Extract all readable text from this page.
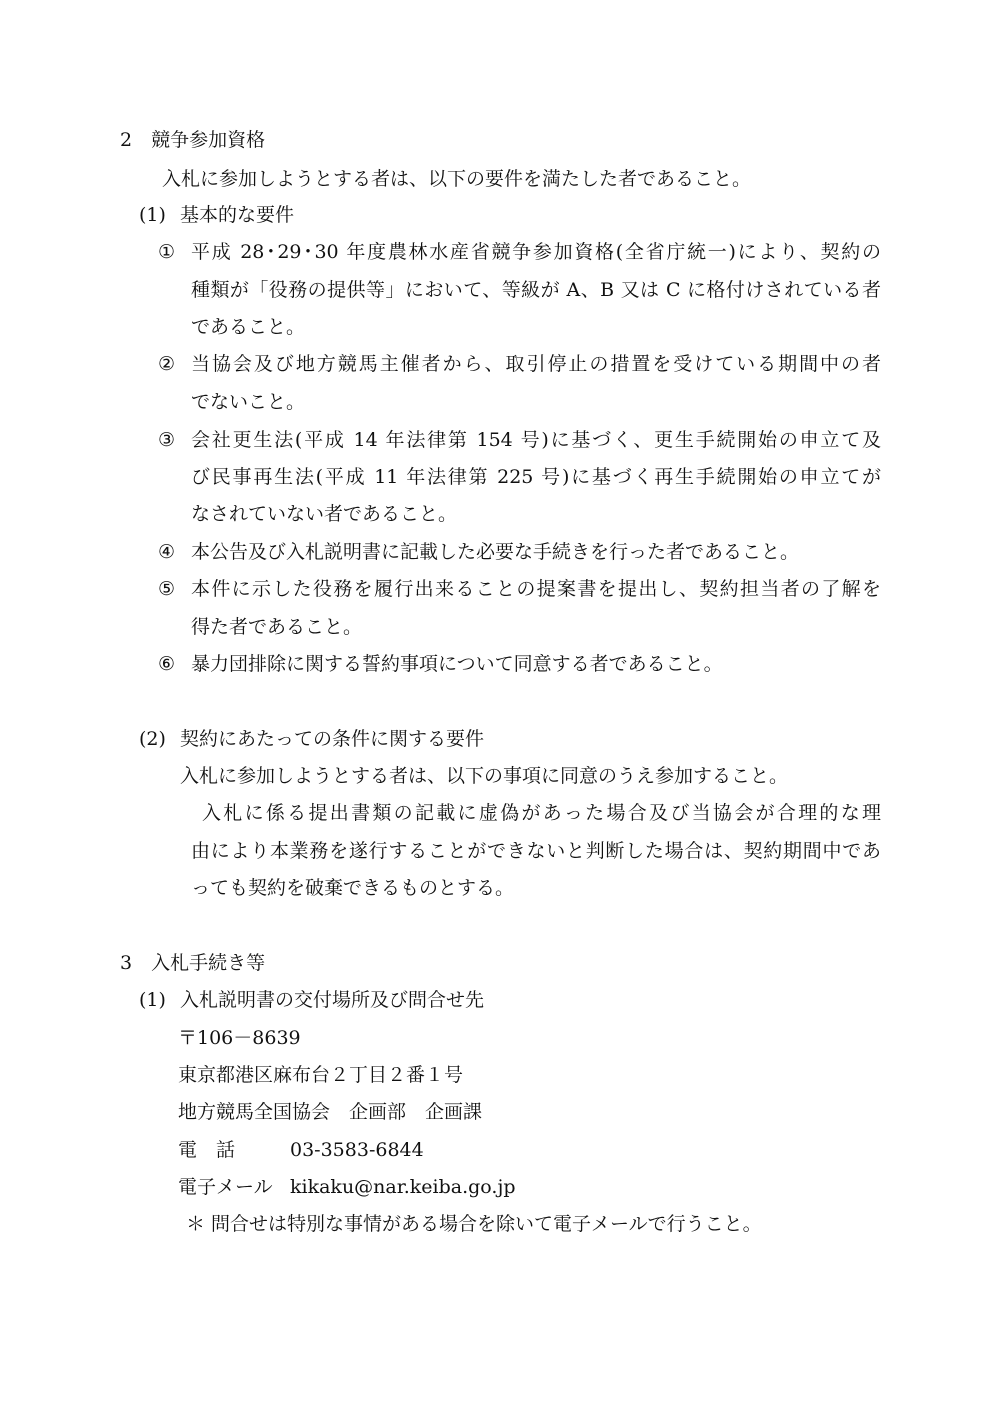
2　競争参加資格
入札に参加しようとする者は、以下の要件を満たした者であること。
(1) 基本的な要件
① 平成 28･29･30 年度農林水産省競争参加資格(全省庁統一)により、契約の
種類が「役務の提供等」において、等級が A、B 又は C に格付けされている者
であること。
② 当協会及び地方競馬主催者から、取引停止の措置を受けている期間中の者
でないこと。
③ 会社更生法(平成 14 年法律第 154 号)に基づく、更生手続開始の申立て及
び民事再生法(平成 11 年法律第 225 号)に基づく再生手続開始の申立てが
なされていない者であること。
④ 本公告及び入札説明書に記載した必要な手続きを行った者であること。
⑤ 本件に示した役務を履行出来ることの提案書を提出し、契約担当者の了解を
得た者であること。
⑥ 暴力団排除に関する誓約事項について同意する者であること。
(2) 契約にあたっての条件に関する要件
入札に参加しようとする者は、以下の事項に同意のうえ参加すること。
入札に係る提出書類の記載に虚偽があった場合及び当協会が合理的な理
由により本業務を遂行することができないと判断した場合は、契約期間中であ
っても契約を破棄できるものとする。
3　入札手続き等
(1) 入札説明書の交付場所及び問合せ先
〒106－8639
東京都港区麻布台２丁目２番１号
地方競馬全国協会　企画部　企画課
電　話	03-3583-6844
電子メール kikaku@nar.keiba.go.jp
＊ 問合せは特別な事情がある場合を除いて電子メールで行うこと。
